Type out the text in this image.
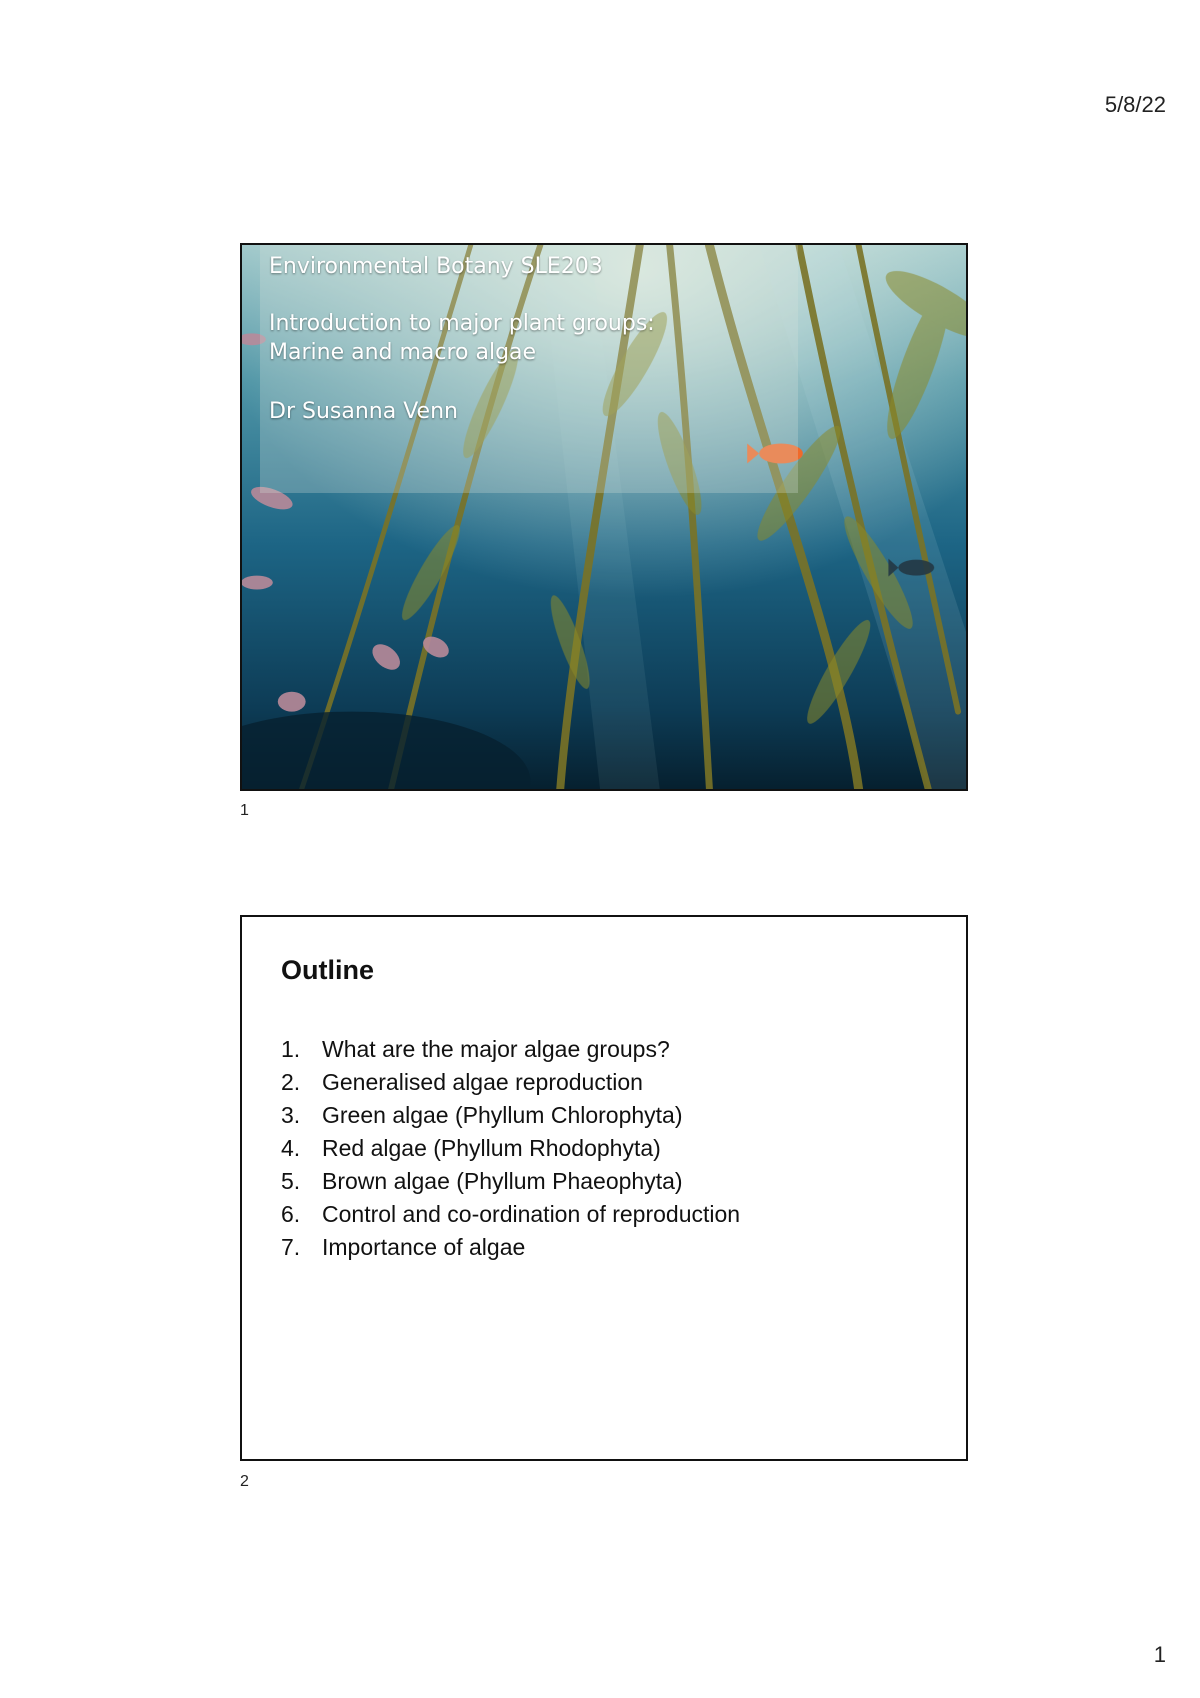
5/8/22
Environmental Botany SLE203
Introduction to major plant groups:
Marine and macro algae
Dr Susanna Venn
1
Outline
1. What are the major algae groups?
2. Generalised algae reproduction
3. Green algae (Phyllum Chlorophyta)
4. Red algae (Phyllum Rhodophyta)
5. Brown algae (Phyllum Phaeophyta)
6. Control and co-ordination of reproduction
7. Importance of algae
2
1
